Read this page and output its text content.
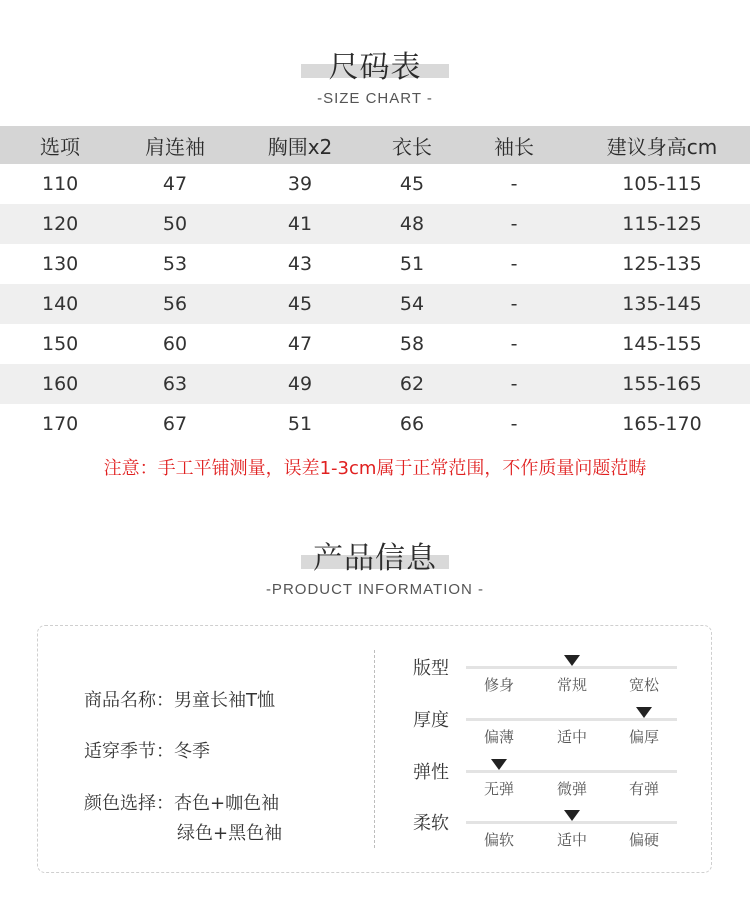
尺码表
-SIZE CHART -
选项	肩连袖	胸围x2	衣长	袖长	建议身高cm
110	47	39	45	-	105-115
120	50	41	48	-	115-125
130	53	43	51	-	125-135
140	56	45	54	-	135-145
150	60	47	58	-	145-155
160	63	49	62	-	155-165
170	67	51	66	-	165-170
注意：手工平铺测量，误差1-3cm属于正常范围，不作质量问题范畴
产品信息
-PRODUCT INFORMATION -
商品名称：男童长袖T恤
适穿季节：冬季
颜色选择：杏色+咖色袖
绿色+黑色袖
版型
修身	常规	宽松
厚度
偏薄	适中	偏厚
弹性
无弹	微弹	有弹
柔软
偏软	适中	偏硬
